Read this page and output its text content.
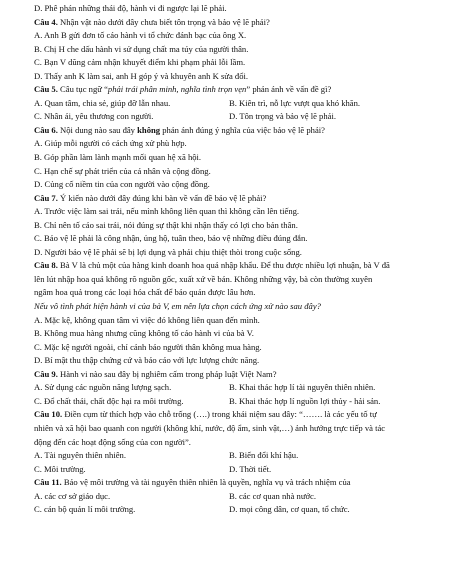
D. Phê phán những thái độ, hành vi đi ngược lại lẽ phải.
Câu 4. Nhận vật nào dưới đây chưa biết tôn trọng và bảo vệ lẽ phải?
A. Anh B gửi đơn tố cáo hành vi tổ chức đánh bạc của ông X.
B. Chị H che dấu hành vi sử dụng chất ma túy của người thân.
C. Bạn V dũng cảm nhận khuyết điểm khi phạm phải lỗi lầm.
D. Thấy anh K làm sai, anh H góp ý và khuyên anh K sửa đổi.
Câu 5. Câu tục ngữ “phải trái phân minh, nghĩa tình trọn vẹn” phản ánh về vấn đề gì?
A. Quan tâm, chia sẻ, giúp đỡ lẫn nhau.	B. Kiên trì, nỗ lực vượt qua khó khăn.
C. Nhân ái, yêu thương con người.	D. Tôn trọng và bảo vệ lẽ phải.
Câu 6. Nội dung nào sau đây không phản ánh đúng ý nghĩa của việc bảo vệ lẽ phải?
A. Giúp mỗi người có cách ứng xử phù hợp.
B. Góp phần làm lành mạnh mối quan hệ xã hội.
C. Hạn chế sự phát triển của cá nhân và cộng đồng.
D. Củng cố niềm tin của con người vào cộng đồng.
Câu 7. Ý kiến nào dưới đây đúng khi bàn về vấn đề bảo vệ lẽ phải?
A. Trước việc làm sai trái, nếu mình không liên quan thì không cần lên tiếng.
B. Chỉ nên tố cáo sai trái, nói đúng sự thật khi nhận thấy có lợi cho bản thân.
C. Bảo vệ lẽ phải là công nhận, ủng hộ, tuân theo, bảo vệ những điều đúng đắn.
D. Người bảo vệ lẽ phải sẽ bị lợi dụng và phải chịu thiệt thòi trong cuộc sống.
Câu 8. Bà V là chủ một của hàng kinh doanh hoa quả nhập khẩu. Để thu được nhiều lợi nhuận, bà V đã
lên lút nhập hoa quả không rõ nguồn gốc, xuất xứ về bán. Không những vậy, bà còn thường xuyên
ngâm hoa quả trong các loại hóa chất để bảo quản được lâu hơn.
Nếu vô tình phát hiện hành vi của bà V, em nên lựa chọn cách ứng xử nào sau đây?
A. Mặc kệ, không quan tâm vì việc đó không liên quan đến mình.
B. Không mua hàng nhưng cũng không tố cáo hành vi của bà V.
C. Mặc kệ người ngoài, chỉ cảnh báo người thân không mua hàng.
D. Bí mật thu thập chứng cứ và báo cáo với lực lượng chức năng.
Câu 9. Hành vi nào sau đây bị nghiêm cấm trong pháp luật Việt Nam?
A. Sử dụng các nguồn năng lượng sạch.	B. Khai thác hợp lí tài nguyên thiên nhiên.
C. Đổ chất thải, chất độc hại ra môi trường.	B. Khai thác hợp lí nguồn lợi thủy - hải sản.
Câu 10. Điền cụm từ thích hợp vào chỗ trống (….) trong khái niệm sau đây: “……. là các yếu tố tự
nhiên và xã hội bao quanh con người (không khí, nước, độ ẩm, sinh vật,…) ảnh hưởng trực tiếp và tác
động đến các hoạt động sống của con người”.
A. Tài nguyên thiên nhiên.	B. Biến đổi khí hậu.
C. Môi trường.	D. Thời tiết.
Câu 11. Bảo vệ môi trường và tài nguyên thiên nhiên là quyền, nghĩa vụ và trách nhiệm của
A. các cơ sở giáo dục.	B. các cơ quan nhà nước.
C. cán bộ quản lí môi trường.	D. mọi công dân, cơ quan, tổ chức.
